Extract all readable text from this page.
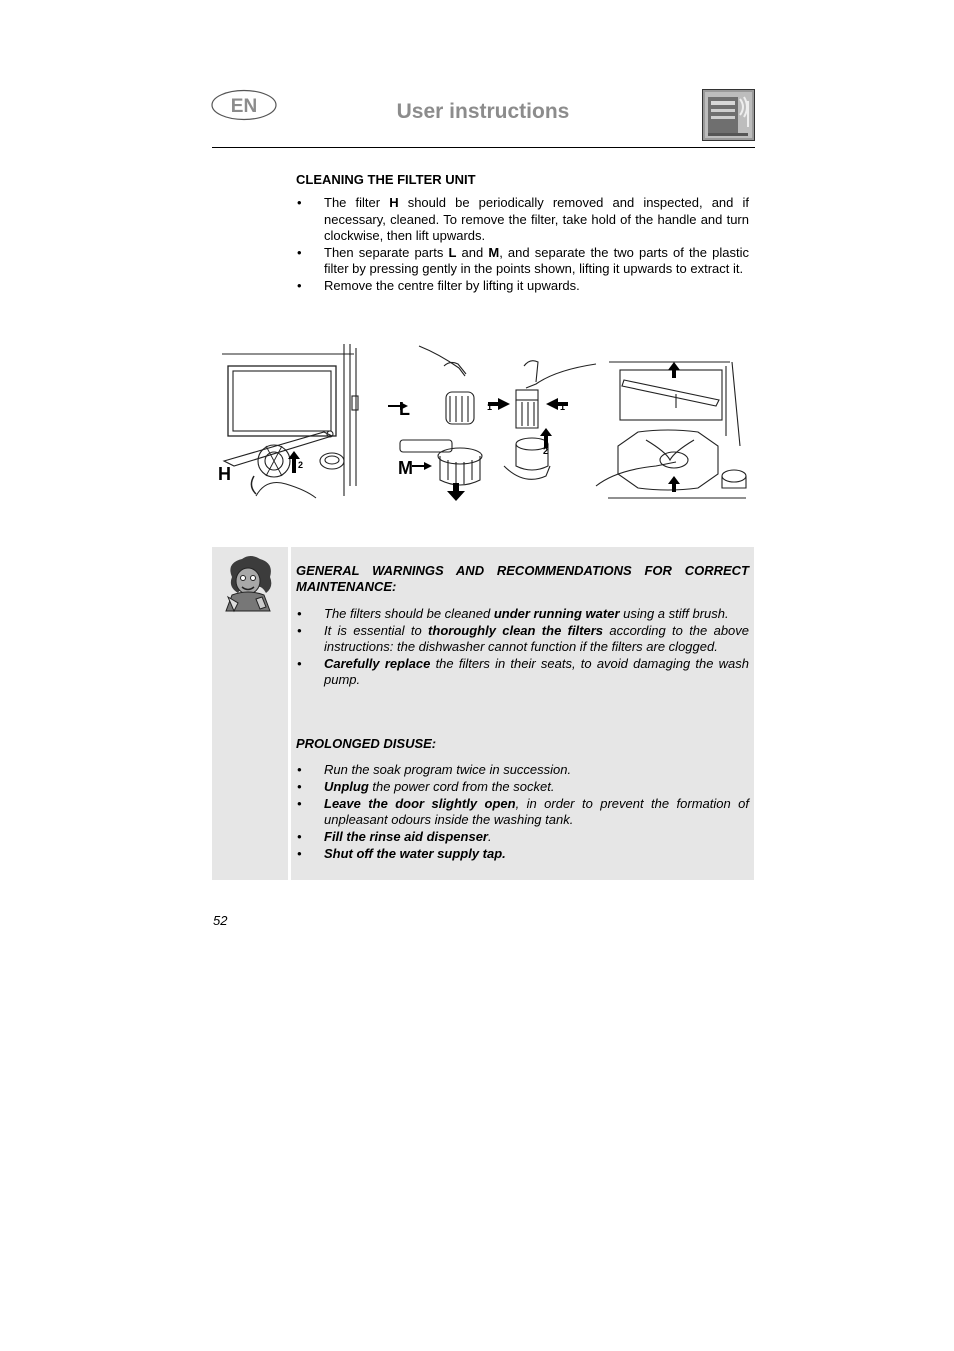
EN	User instructions
CLEANING THE FILTER UNIT
• The filter H should be periodically removed and inspected, and if necessary, cleaned. To remove the filter, take hold of the handle and turn clockwise, then lift upwards.
• Then separate parts L and M, and separate the two parts of the plastic filter by pressing gently in the points shown, lifting it upwards to extract it.
• Remove the centre filter by lifting it upwards.
H
L
M
2
1	1
2
GENERAL WARNINGS AND RECOMMENDATIONS FOR CORRECT MAINTENANCE:
• The filters should be cleaned under running water using a stiff brush.
• It is essential to thoroughly clean the filters according to the above instructions: the dishwasher cannot function if the filters are clogged.
• Carefully replace the filters in their seats, to avoid damaging the wash pump.
PROLONGED DISUSE:
• Run the soak program twice in succession.
• Unplug the power cord from the socket.
• Leave the door slightly open, in order to prevent the formation of unpleasant odours inside the washing tank.
• Fill the rinse aid dispenser.
• Shut off the water supply tap.
52
